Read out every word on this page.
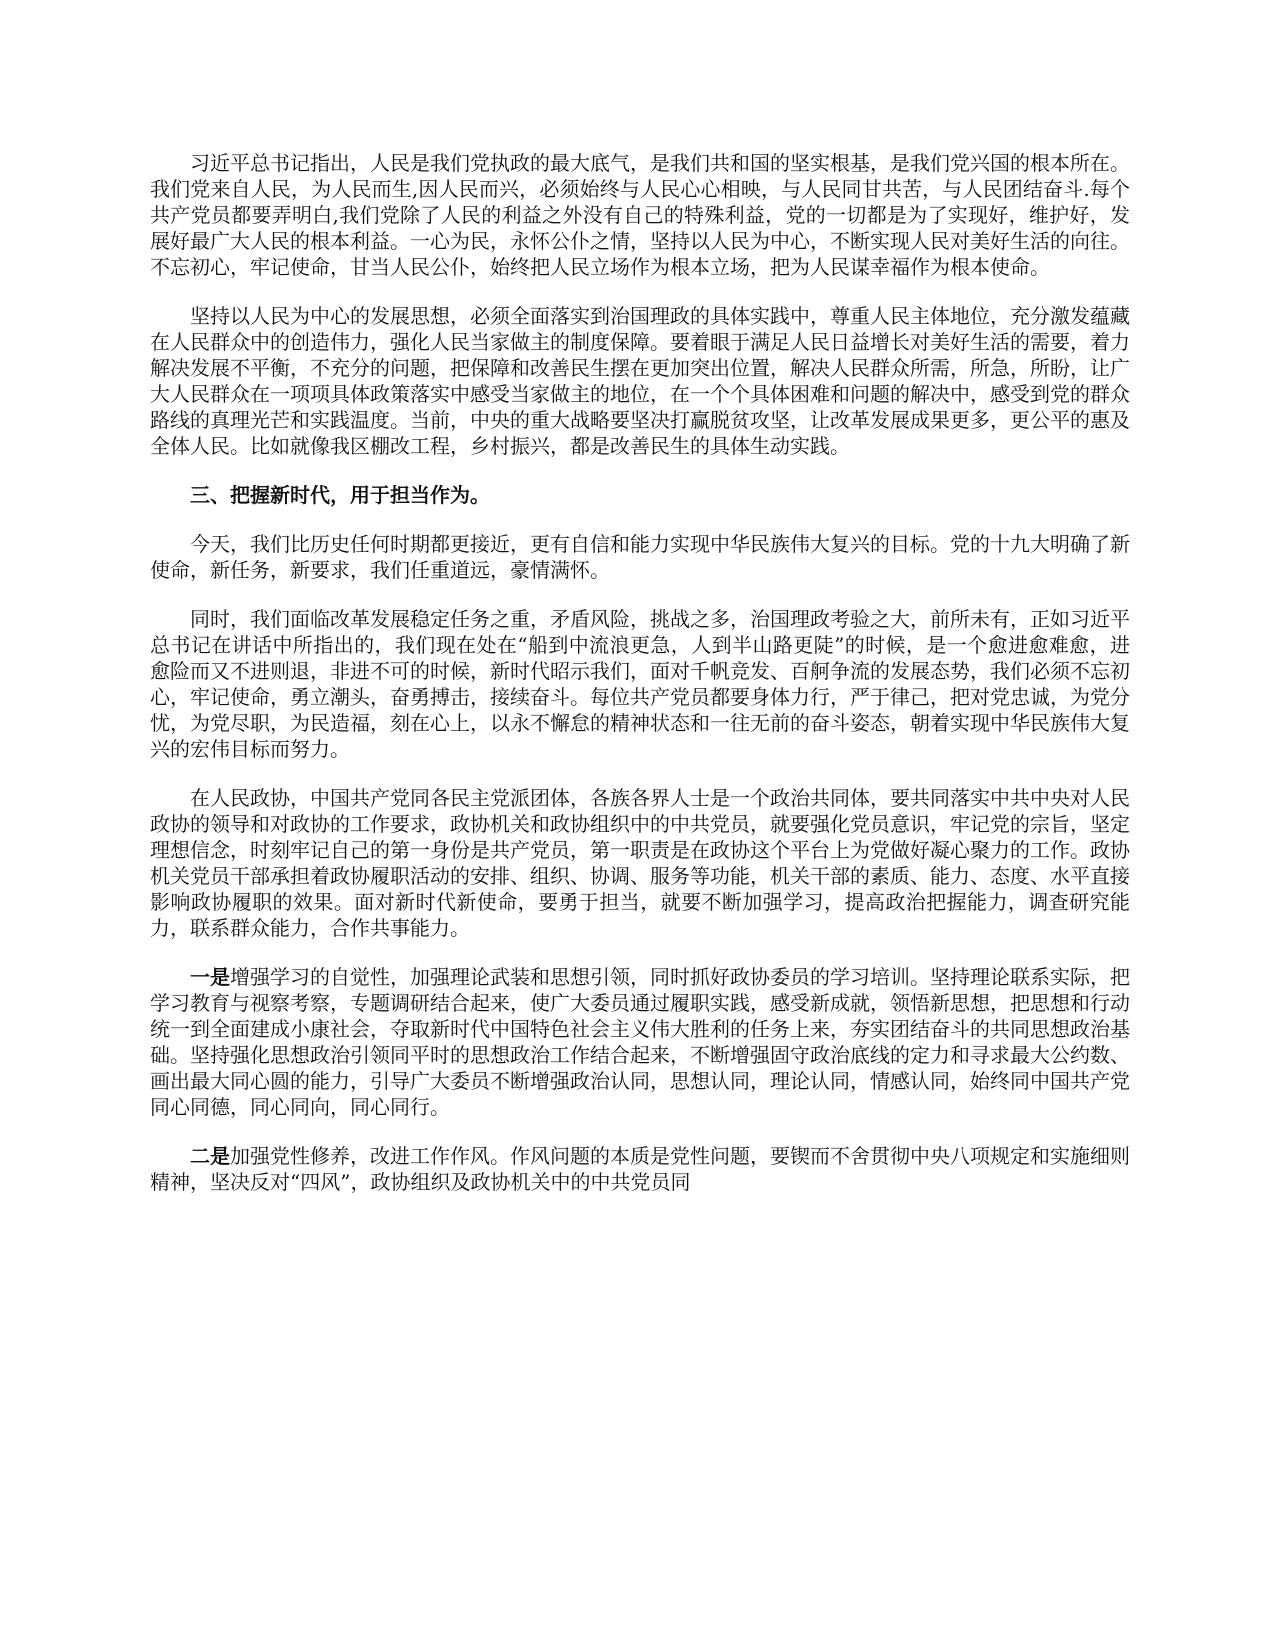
习近平总书记指出，人民是我们党执政的最大底气，是我们共和国的坚实根基，是我们党兴国的根本所在。我们党来自人民，为人民而生,因人民而兴，必须始终与人民心心相映，与人民同甘共苦，与人民团结奋斗.每个共产党员都要弄明白,我们党除了人民的利益之外没有自己的特殊利益，党的一切都是为了实现好，维护好，发展好最广大人民的根本利益。一心为民，永怀公仆之情，坚持以人民为中心，不断实现人民对美好生活的向往。不忘初心，牢记使命，甘当人民公仆，始终把人民立场作为根本立场，把为人民谋幸福作为根本使命。

坚持以人民为中心的发展思想，必须全面落实到治国理政的具体实践中，尊重人民主体地位，充分激发蕴藏在人民群众中的创造伟力，强化人民当家做主的制度保障。要着眼于满足人民日益增长对美好生活的需要，着力解决发展不平衡，不充分的问题，把保障和改善民生摆在更加突出位置，解决人民群众所需，所急，所盼，让广大人民群众在一项项具体政策落实中感受当家做主的地位，在一个个具体困难和问题的解决中，感受到党的群众路线的真理光芒和实践温度。当前，中央的重大战略要坚决打赢脱贫攻坚，让改革发展成果更多，更公平的惠及全体人民。比如就像我区棚改工程，乡村振兴，都是改善民生的具体生动实践。

三、把握新时代，用于担当作为。

今天，我们比历史任何时期都更接近，更有自信和能力实现中华民族伟大复兴的目标。党的十九大明确了新使命，新任务，新要求，我们任重道远，豪情满怀。

同时，我们面临改革发展稳定任务之重，矛盾风险，挑战之多，治国理政考验之大，前所未有，正如习近平总书记在讲话中所指出的，我们现在处在“船到中流浪更急，人到半山路更陡”的时候，是一个愈进愈难愈，进愈险而又不进则退，非进不可的时候，新时代昭示我们，面对千帆竞发、百舸争流的发展态势，我们必须不忘初心，牢记使命，勇立潮头，奋勇搏击，接续奋斗。每位共产党员都要身体力行，严于律己，把对党忠诚，为党分忧，为党尽职，为民造福，刻在心上，以永不懈怠的精神状态和一往无前的奋斗姿态，朝着实现中华民族伟大复兴的宏伟目标而努力。

在人民政协，中国共产党同各民主党派团体，各族各界人士是一个政治共同体，要共同落实中共中央对人民政协的领导和对政协的工作要求，政协机关和政协组织中的中共党员，就要强化党员意识，牢记党的宗旨，坚定理想信念，时刻牢记自己的第一身份是共产党员，第一职责是在政协这个平台上为党做好凝心聚力的工作。政协机关党员干部承担着政协履职活动的安排、组织、协调、服务等功能，机关干部的素质、能力、态度、水平直接影响政协履职的效果。面对新时代新使命，要勇于担当，就要不断加强学习，提高政治把握能力，调查研究能力，联系群众能力，合作共事能力。

一是增强学习的自觉性，加强理论武装和思想引领，同时抓好政协委员的学习培训。坚持理论联系实际，把学习教育与视察考察，专题调研结合起来，使广大委员通过履职实践，感受新成就，领悟新思想，把思想和行动统一到全面建成小康社会，夺取新时代中国特色社会主义伟大胜利的任务上来，夯实团结奋斗的共同思想政治基础。坚持强化思想政治引领同平时的思想政治工作结合起来，不断增强固守政治底线的定力和寻求最大公约数、画出最大同心圆的能力，引导广大委员不断增强政治认同，思想认同，理论认同，情感认同，始终同中国共产党同心同德，同心同向，同心同行。

二是加强党性修养，改进工作作风。作风问题的本质是党性问题，要锲而不舍贯彻中央八项规定和实施细则精神，坚决反对“四风”，政协组织及政协机关中的中共党员同
